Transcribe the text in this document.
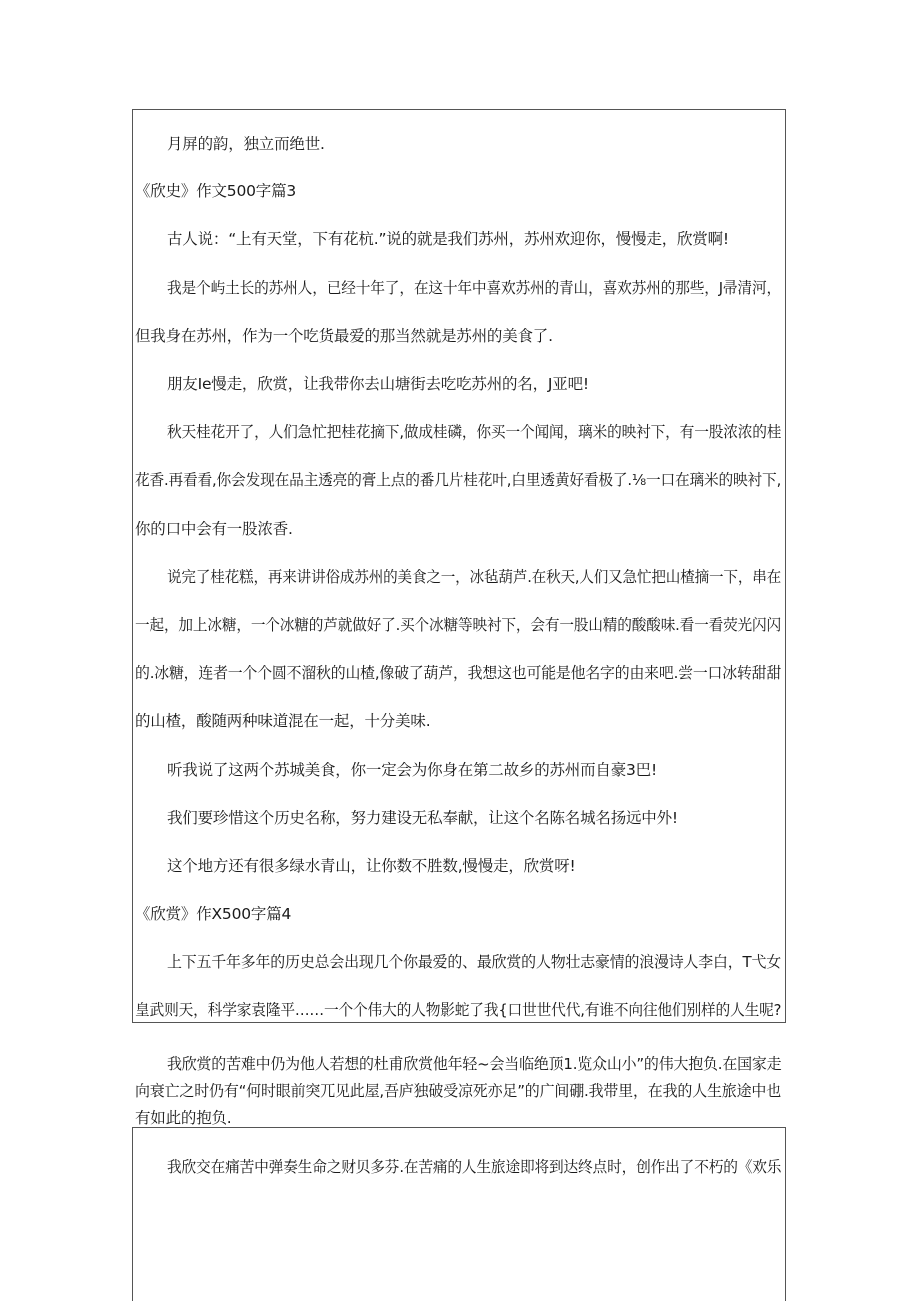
月屏的韵，独立而绝世.
《欣史》作文500字篇3
古人说：“上有天堂，下有花杭.”说的就是我们苏州，苏州欢迎你，慢慢走，欣赏啊!
我是个屿土长的苏州人，已经十年了，在这十年中喜欢苏州的青山，喜欢苏州的那些，J帚清河，
但我身在苏州，作为一个吃货最爱的那当然就是苏州的美食了.
朋友Ie慢走，欣赏，让我带你去山塘街去吃吃苏州的名，J亚吧!
秋天桂花开了，人们急忙把桂花摘下,做成桂磷，你买一个闻闻，璃米的映衬下，有一股浓浓的桂
花香.再看看,你会发现在品主透亮的膏上点的番几片桂花叶,白里透黄好看极了.⅛一口在璃米的映衬下,
你的口中会有一股浓香.
说完了桂花糕，再来讲讲俗成苏州的美食之一，冰毡葫芦.在秋天,人们又急忙把山楂摘一下，串在
一起，加上冰糖，一个冰糖的芦就做好了.买个冰糖等映衬下，会有一股山精的酸酸味.看一看荧光闪闪
的.冰糖，连者一个个圆不溜秋的山楂,像破了葫芦，我想这也可能是他名字的由来吧.尝一口冰转甜甜
的山楂，酸随两种味道混在一起，十分美味.
听我说了这两个苏城美食，你一定会为你身在第二故乡的苏州而自豪3巴!
我们要珍惜这个历史名称，努力建设无私奉献，让这个名陈名城名扬远中外!
这个地方还有很多绿水青山，让你数不胜数,慢慢走，欣赏呀!
《欣赏》作X500字篇4
上下五千年多年的历史总会出现几个你最爱的、最欣赏的人物壮志豪情的浪漫诗人李白，T弋女
皇武则天，科学家袁隆平……一个个伟大的人物影蛇了我{口世世代代,有谁不向往他们别样的人生呢?
我欣赏的苦难中仍为他人若想的杜甫欣赏他年轻~会当临绝顶1.览众山小”的伟大抱负.在国家走
向衰亡之时仍有“何时眼前突兀见此屋,吾庐独破受凉死亦足”的广间硼.我带里，在我的人生旅途中也
有如此的抱负.
我欣交在痛苦中弹奏生命之财贝多芬.在苦痛的人生旅途即将到达终点时，创作出了不朽的《欢乐
